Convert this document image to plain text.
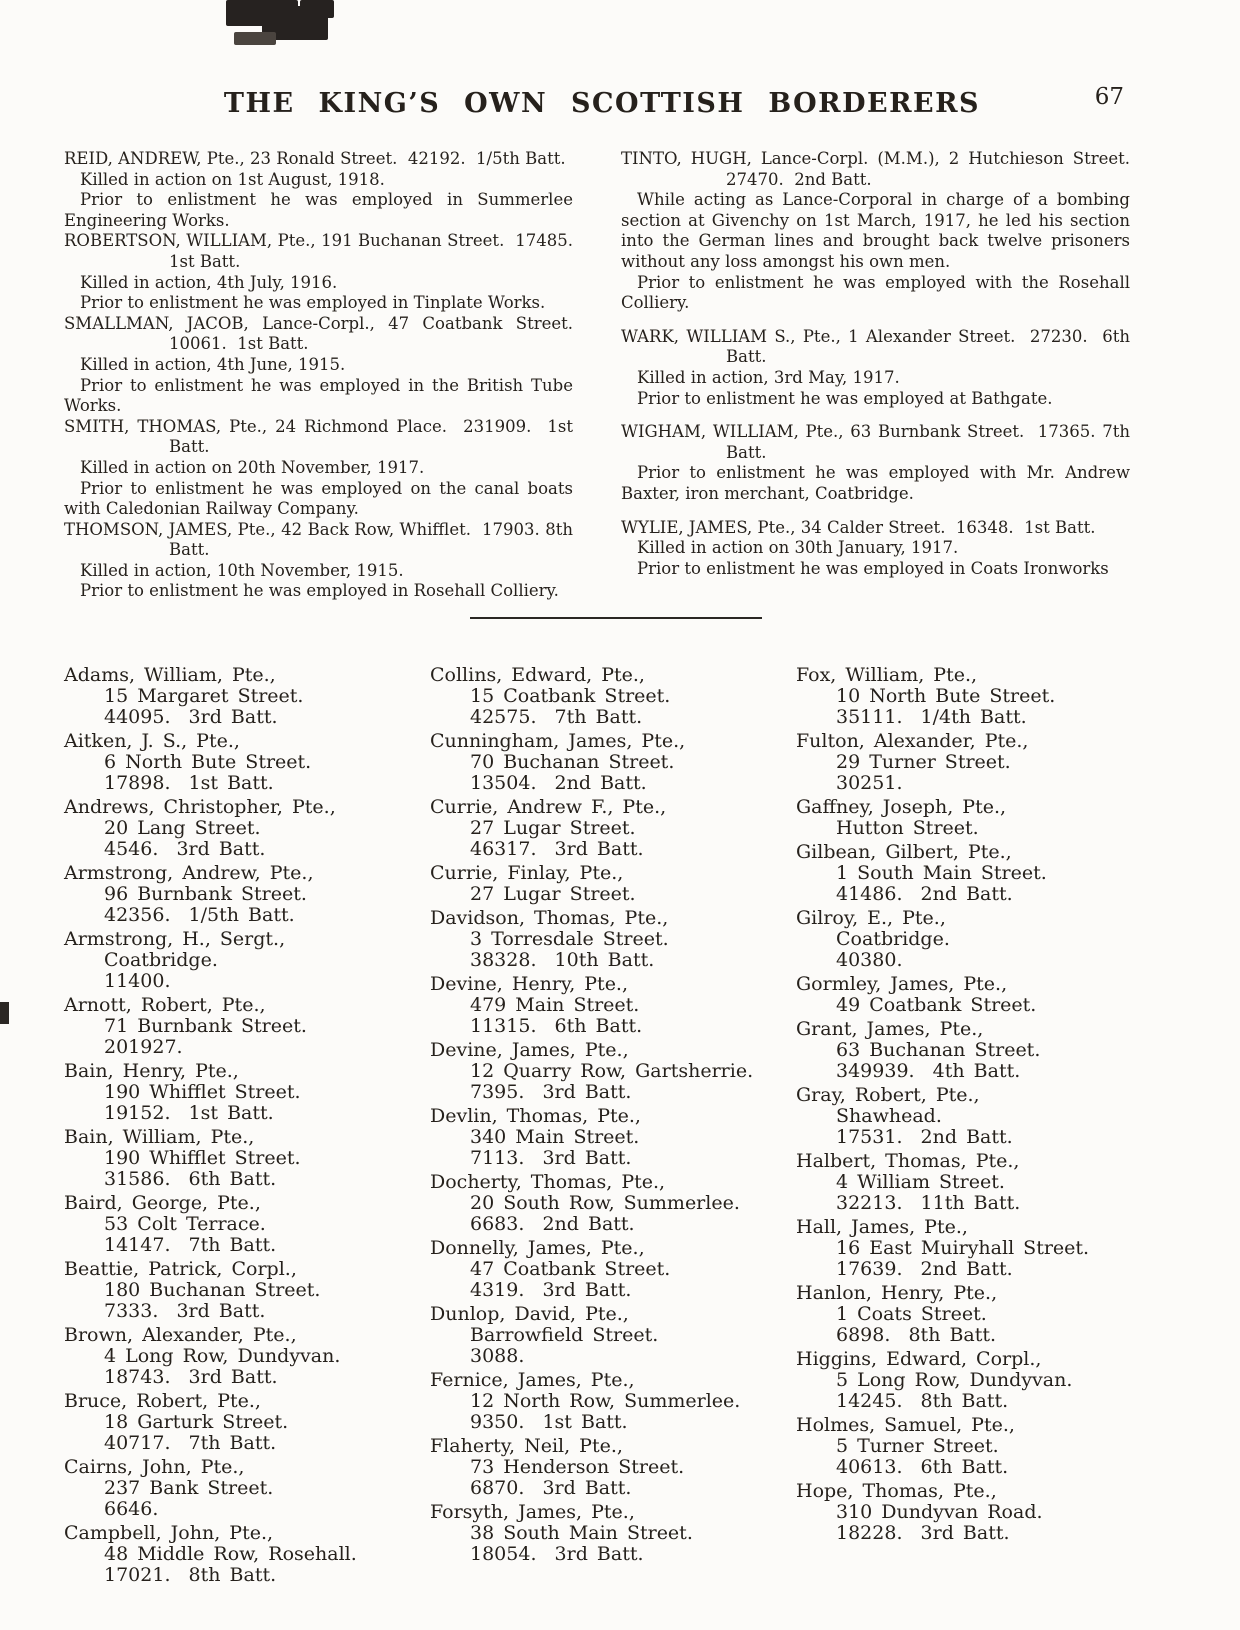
THE KING’S OWN SCOTTISH BORDERERS	67

REID, ANDREW, Pte., 23 Ronald Street.  42192.  1/5th Batt.

Killed in action on 1st August, 1918.

Prior to enlistment he was employed in Summerlee Engineering Works.

ROBERTSON, WILLIAM, Pte., 191 Buchanan Street.  17485. 1st Batt.

Killed in action, 4th July, 1916.

Prior to enlistment he was employed in Tinplate Works.

SMALLMAN, JACOB, Lance-Corpl., 47 Coatbank Street. 10061.  1st Batt.

Killed in action, 4th June, 1915.

Prior to enlistment he was employed in the British Tube Works.

SMITH, THOMAS, Pte., 24 Richmond Place.  231909.  1st Batt.

Killed in action on 20th November, 1917.

Prior to enlistment he was employed on the canal boats with Caledonian Railway Company.

THOMSON, JAMES, Pte., 42 Back Row, Whifflet.  17903. 8th Batt.

Killed in action, 10th November, 1915.

Prior to enlistment he was employed in Rosehall Colliery.

TINTO, HUGH, Lance-Corpl. (M.M.), 2 Hutchieson Street. 27470.  2nd Batt.

While acting as Lance-Corporal in charge of a bombing section at Givenchy on 1st March, 1917, he led his section into the German lines and brought back twelve prisoners without any loss amongst his own men.

Prior to enlistment he was employed with the Rosehall Colliery.

WARK, WILLIAM S., Pte., 1 Alexander Street.  27230.  6th Batt.

Killed in action, 3rd May, 1917.

Prior to enlistment he was employed at Bathgate.

WIGHAM, WILLIAM, Pte., 63 Burnbank Street.  17365. 7th Batt.

Prior to enlistment he was employed with Mr. Andrew Baxter, iron merchant, Coatbridge.

WYLIE, JAMES, Pte., 34 Calder Street.  16348.  1st Batt.

Killed in action on 30th January, 1917.

Prior to enlistment he was employed in Coats Ironworks

Adams, William, Pte.,

15 Margaret Street.

44095.  3rd Batt.

Aitken, J. S., Pte.,

6 North Bute Street.

17898.  1st Batt.

Andrews, Christopher, Pte.,

20 Lang Street.

4546.  3rd Batt.

Armstrong, Andrew, Pte.,

96 Burnbank Street.

42356.  1/5th Batt.

Armstrong, H., Sergt.,

Coatbridge.

11400.

Arnott, Robert, Pte.,

71 Burnbank Street.

201927.

Bain, Henry, Pte.,

190 Whifflet Street.

19152.  1st Batt.

Bain, William, Pte.,

190 Whifflet Street.

31586.  6th Batt.

Baird, George, Pte.,

53 Colt Terrace.

14147.  7th Batt.

Beattie, Patrick, Corpl.,

180 Buchanan Street.

7333.  3rd Batt.

Brown, Alexander, Pte.,

4 Long Row, Dundyvan.

18743.  3rd Batt.

Bruce, Robert, Pte.,

18 Garturk Street.

40717.  7th Batt.

Cairns, John, Pte.,

237 Bank Street.

6646.

Campbell, John, Pte.,

48 Middle Row, Rosehall.

17021.  8th Batt.

Collins, Edward, Pte.,

15 Coatbank Street.

42575.  7th Batt.

Cunningham, James, Pte.,

70 Buchanan Street.

13504.  2nd Batt.

Currie, Andrew F., Pte.,

27 Lugar Street.

46317.  3rd Batt.

Currie, Finlay, Pte.,

27 Lugar Street.

Davidson, Thomas, Pte.,

3 Torresdale Street.

38328.  10th Batt.

Devine, Henry, Pte.,

479 Main Street.

11315.  6th Batt.

Devine, James, Pte.,

12 Quarry Row, Gartsherrie.

7395.  3rd Batt.

Devlin, Thomas, Pte.,

340 Main Street.

7113.  3rd Batt.

Docherty, Thomas, Pte.,

20 South Row, Summerlee.

6683.  2nd Batt.

Donnelly, James, Pte.,

47 Coatbank Street.

4319.  3rd Batt.

Dunlop, David, Pte.,

Barrowfield Street.

3088.

Fernice, James, Pte.,

12 North Row, Summerlee.

9350.  1st Batt.

Flaherty, Neil, Pte.,

73 Henderson Street.

6870.  3rd Batt.

Forsyth, James, Pte.,

38 South Main Street.

18054.  3rd Batt.

Fox, William, Pte.,

10 North Bute Street.

35111.  1/4th Batt.

Fulton, Alexander, Pte.,

29 Turner Street.

30251.

Gaffney, Joseph, Pte.,

Hutton Street.

Gilbean, Gilbert, Pte.,

1 South Main Street.

41486.  2nd Batt.

Gilroy, E., Pte.,

Coatbridge.

40380.

Gormley, James, Pte.,

49 Coatbank Street.

Grant, James, Pte.,

63 Buchanan Street.

349939.  4th Batt.

Gray, Robert, Pte.,

Shawhead.

17531.  2nd Batt.

Halbert, Thomas, Pte.,

4 William Street.

32213.  11th Batt.

Hall, James, Pte.,

16 East Muiryhall Street.

17639.  2nd Batt.

Hanlon, Henry, Pte.,

1 Coats Street.

6898.  8th Batt.

Higgins, Edward, Corpl.,

5 Long Row, Dundyvan.

14245.  8th Batt.

Holmes, Samuel, Pte.,

5 Turner Street.

40613.  6th Batt.

Hope, Thomas, Pte.,

310 Dundyvan Road.

18228.  3rd Batt.
